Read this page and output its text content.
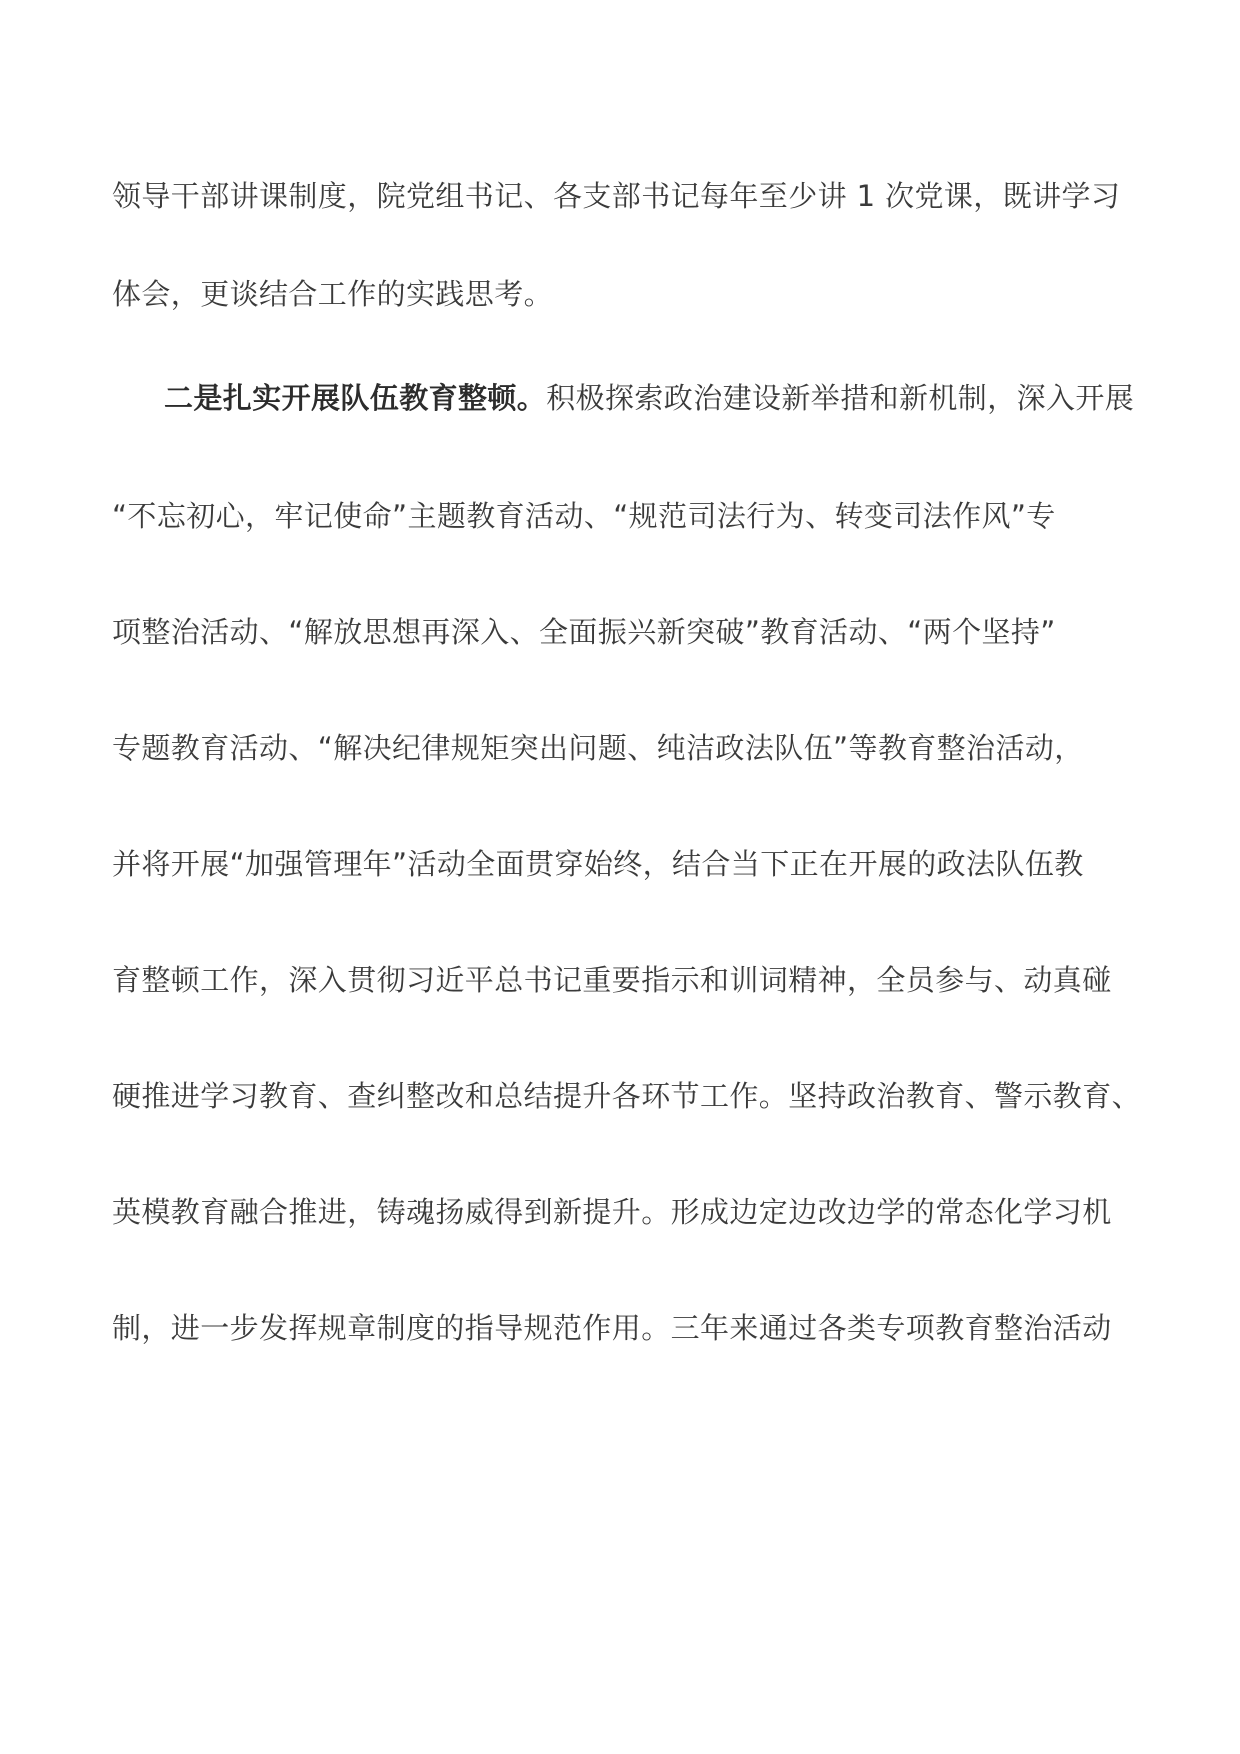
领导干部讲课制度，院党组书记、各支部书记每年至少讲 1 次党课，既讲学习
体会，更谈结合工作的实践思考。
二是扎实开展队伍教育整顿。积极探索政治建设新举措和新机制，深入开展
“不忘初心，牢记使命”主题教育活动、“规范司法行为、转变司法作风”专
项整治活动、“解放思想再深入、全面振兴新突破”教育活动、“两个坚持”
专题教育活动、“解决纪律规矩突出问题、纯洁政法队伍”等教育整治活动，
并将开展“加强管理年”活动全面贯穿始终，结合当下正在开展的政法队伍教
育整顿工作，深入贯彻习近平总书记重要指示和训词精神，全员参与、动真碰
硬推进学习教育、查纠整改和总结提升各环节工作。坚持政治教育、警示教育、
英模教育融合推进，铸魂扬威得到新提升。形成边定边改边学的常态化学习机
制，进一步发挥规章制度的指导规范作用。三年来通过各类专项教育整治活动
